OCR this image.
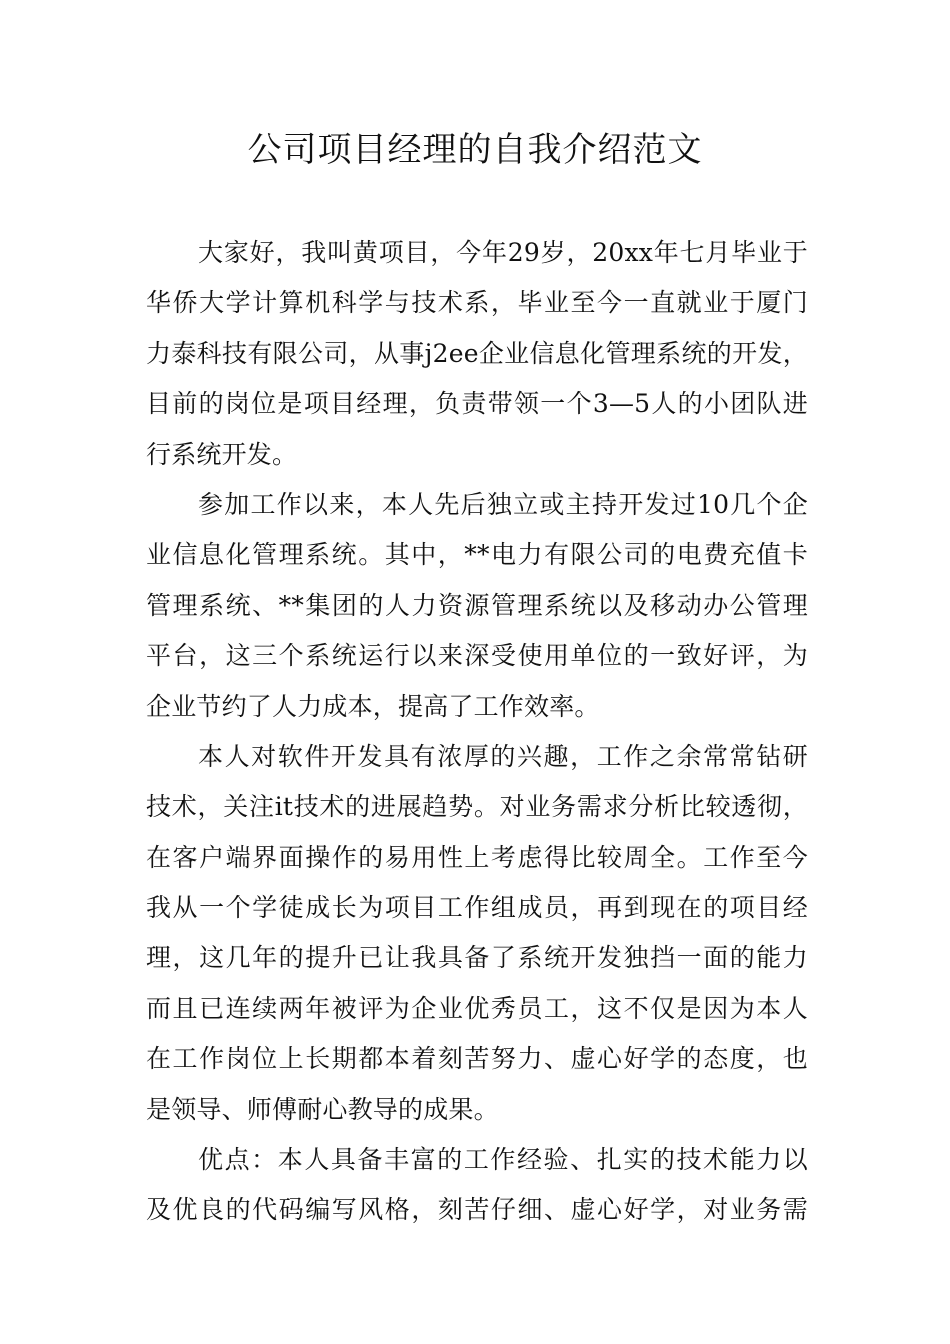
公司项目经理的自我介绍范文
大家好，我叫黄项目，今年29岁，20xx年七月毕业于
华侨大学计算机科学与技术系，毕业至今一直就业于厦门
力泰科技有限公司，从事j2ee企业信息化管理系统的开发，
目前的岗位是项目经理，负责带领一个3—5人的小团队进
行系统开发。
参加工作以来，本人先后独立或主持开发过10几个企
业信息化管理系统。其中，**电力有限公司的电费充值卡
管理系统、**集团的人力资源管理系统以及移动办公管理
平台，这三个系统运行以来深受使用单位的一致好评，为
企业节约了人力成本，提高了工作效率。
本人对软件开发具有浓厚的兴趣，工作之余常常钻研
技术，关注it技术的进展趋势。对业务需求分析比较透彻，
在客户端界面操作的易用性上考虑得比较周全。工作至今
我从一个学徒成长为项目工作组成员，再到现在的项目经
理，这几年的提升已让我具备了系统开发独挡一面的能力
而且已连续两年被评为企业优秀员工，这不仅是因为本人
在工作岗位上长期都本着刻苦努力、虚心好学的态度，也
是领导、师傅耐心教导的成果。
优点：本人具备丰富的工作经验、扎实的技术能力以
及优良的代码编写风格，刻苦仔细、虚心好学，对业务需
